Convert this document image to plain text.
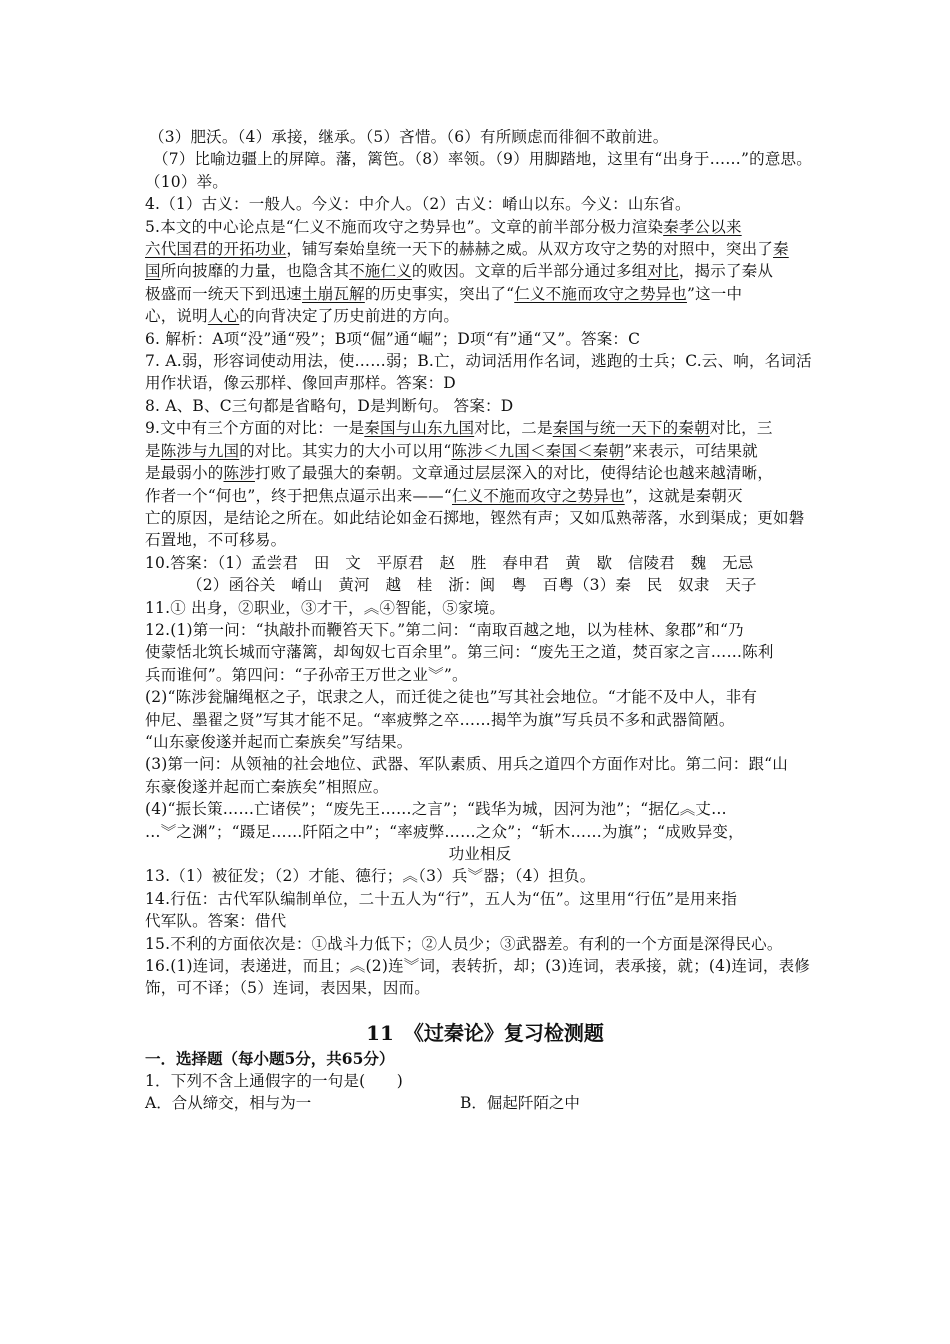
（3）肥沃。（4）承接，继承。（5）吝惜。（6）有所顾虑而徘徊不敢前进。
（7）比喻边疆上的屏障。藩，篱笆。（8）率领。（9）用脚踏地，这里有“出身于……”的意思。
（10）举。
4.（1）古义：一般人。今义：中介人。（2）古义：崤山以东。今义：山东省。
5.本文的中心论点是“仁义不施而攻守之势异也”。文章的前半部分极力渲染秦孝公以来
六代国君的开拓功业，铺写秦始皇统一天下的赫赫之威。从双方攻守之势的对照中，突出了秦
国所向披靡的力量，也隐含其不施仁义的败因。文章的后半部分通过多组对比，揭示了秦从
极盛而一统天下到迅速土崩瓦解的历史事实，突出了“仁义不施而攻守之势异也”这一中
心，说明人心的向背决定了历史前进的方向。
6. 解析：A项“没”通“殁”；B项“倔”通“崛”；D项“有”通“又”。答案：C
7. A.弱，形容词使动用法，使……弱；B.亡，动词活用作名词，逃跑的士兵；C.云、响，名词活
用作状语，像云那样、像回声那样。答案：D
8. A、B、C三句都是省略句，D是判断句。 答案：D
9.文中有三个方面的对比：一是秦国与山东九国对比，二是秦国与统一天下的秦朝对比，三
是陈涉与九国的对比。其实力的大小可以用“陈涉＜九国＜秦国＜秦朝”来表示，可结果就
是最弱小的陈涉打败了最强大的秦朝。文章通过层层深入的对比，使得结论也越来越清晰，
作者一个“何也”，终于把焦点逼示出来——“仁义不施而攻守之势异也”，这就是秦朝灭
亡的原因，是结论之所在。如此结论如金石掷地，铿然有声；又如瓜熟蒂落，水到渠成；更如磐
石置地，不可移易。
10.答案：（1）孟尝君　田　文　平原君　赵　胜　春申君　黄　歇　信陵君　魏　无忌
（2）函谷关　崤山　黄河　越　桂　浙：闽　粤　百粤（3）秦　民　奴隶　天子
11.① 出身，②职业，③才干，︽④智能，⑤家境。
12.(1)第一问：“执敲扑而鞭笞天下。”第二问：“南取百越之地，以为桂林、象郡”和“乃
使蒙恬北筑长城而守藩篱，却匈奴七百余里”。第三问：“废先王之道，焚百家之言……陈利
兵而谁何”。第四问：“子孙帝王万世之业︾”。
(2)“陈涉瓮牖绳枢之子，氓隶之人，而迁徙之徒也”写其社会地位。“才能不及中人，非有
仲尼、墨翟之贤”写其才能不足。“率疲弊之卒……揭竿为旗”写兵员不多和武器简陋。
“山东豪俊遂并起而亡秦族矣”写结果。
(3)第一问：从领袖的社会地位、武器、军队素质、用兵之道四个方面作对比。第二问：跟“山
东豪俊遂并起而亡秦族矣”相照应。
(4)“振长策……亡诸侯”；“废先王……之言”；“践华为城，因河为池”；“据亿︽丈…
…︾之渊”；“蹑足……阡陌之中”；“率疲弊……之众”；“斩木……为旗”；“成败异变，
功业相反
13.（1）被征发；（2）才能、德行；︽（3）兵︾器；（4）担负。
14.行伍：古代军队编制单位，二十五人为“行”，五人为“伍”。这里用“行伍”是用来指
代军队。答案：借代
15.不利的方面依次是：①战斗力低下；②人员少；③武器差。有利的一个方面是深得民心。
16.(1)连词，表递进，而且；︽(2)连︾词，表转折，却；(3)连词，表承接，就；(4)连词，表修
饰，可不译；（5）连词，表因果，因而。
11　《过秦论》复习检测题
一．选择题（每小题5分，共65分）
1．下列不含上通假字的一句是(　　)
A．合从缔交，相与为一	B．倔起阡陌之中
